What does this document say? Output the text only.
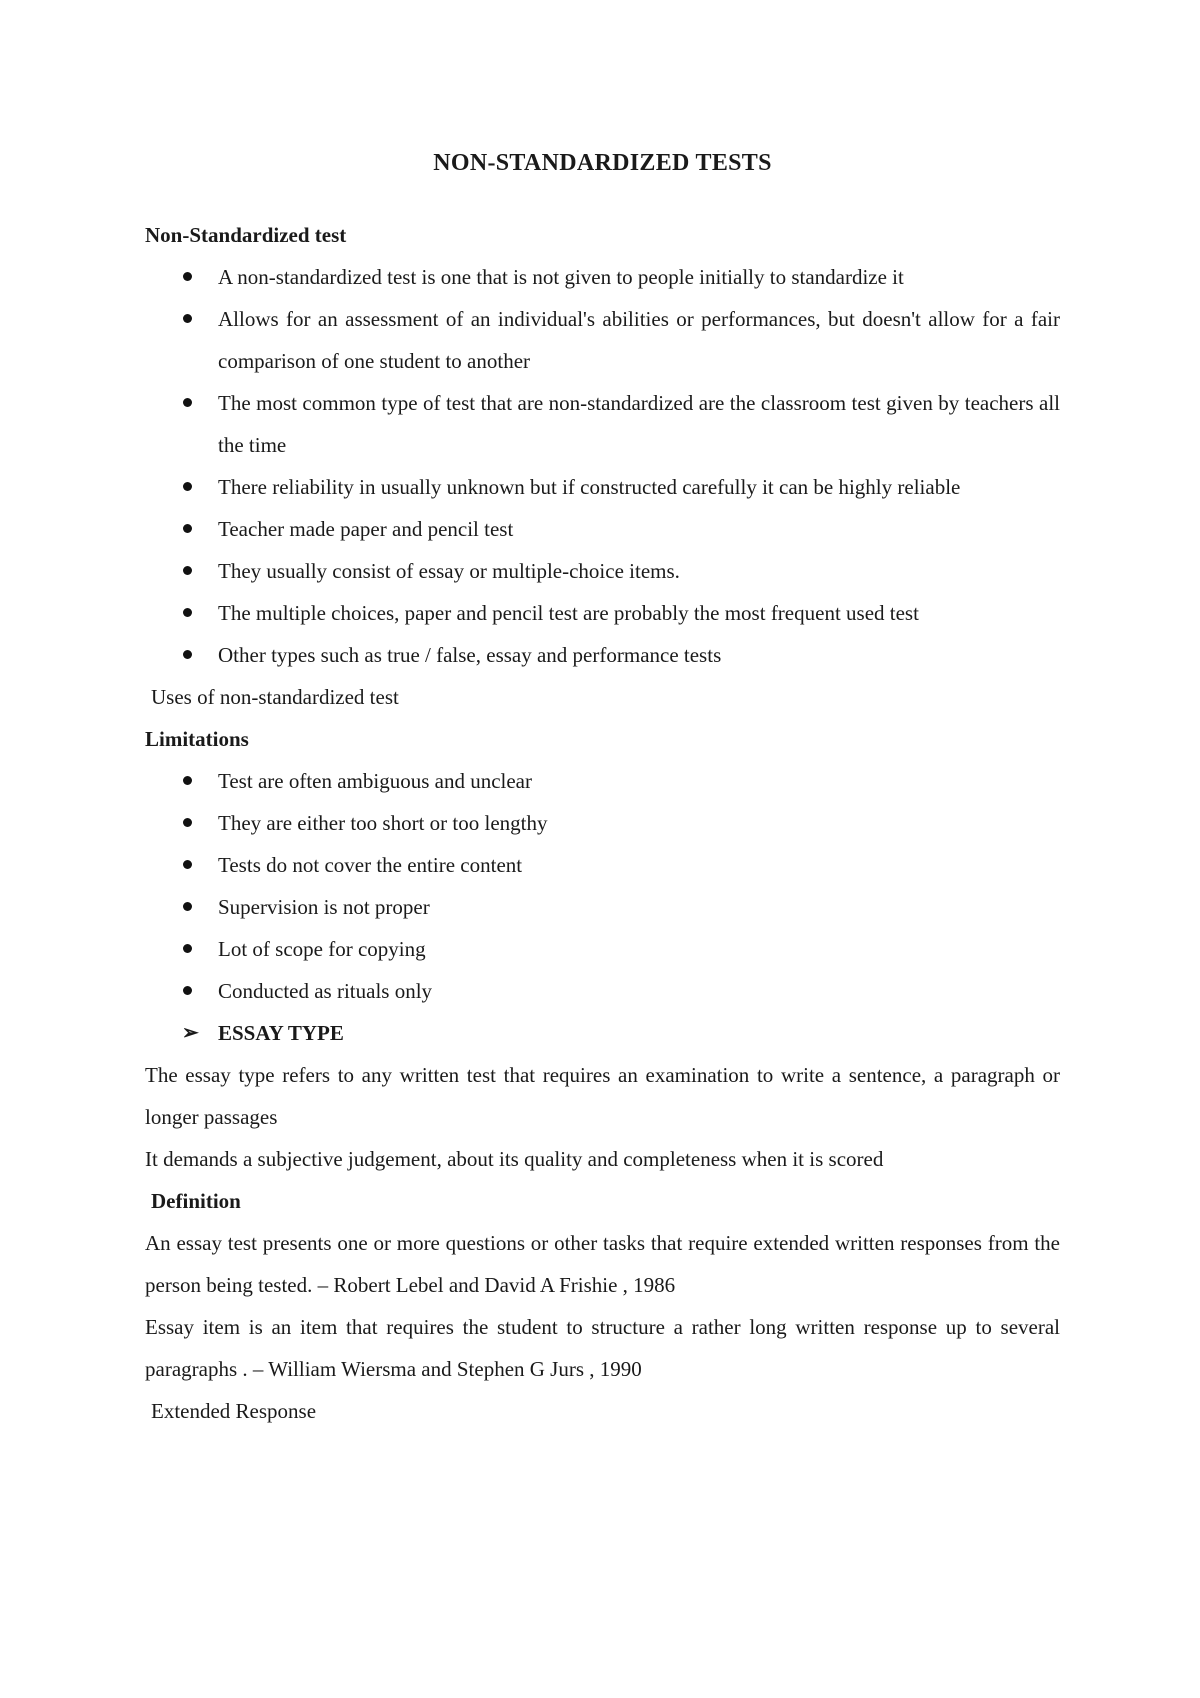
NON-STANDARDIZED TESTS

Non-Standardized test

A non-standardized test is one that is not given to people initially to standardize it
Allows for an assessment of an individual's abilities or performances, but doesn't allow for a fair comparison of one student to another
The most common type of test that are non-standardized are the classroom test given by teachers all the time
There reliability in usually unknown but if constructed carefully it can be highly reliable
Teacher made paper and pencil test
They usually consist of essay or multiple-choice items.
The multiple choices, paper and pencil test are probably the most frequent used test
Other types such as true / false, essay and performance tests

Uses of non-standardized test

Limitations

Test are often ambiguous and unclear
They are either too short or too lengthy
Tests do not cover the entire content
Supervision is not proper
Lot of scope for copying
Conducted as rituals only
➢ ESSAY TYPE

The essay type refers to any written test that requires an examination to write a sentence, a paragraph or longer passages

It demands a subjective judgement, about its quality and completeness when it is scored

Definition

An essay test presents one or more questions or other tasks that require extended written responses from the person being tested. – Robert Lebel and David A Frishie , 1986

Essay item is an item that requires the student to structure a rather long written response up to several paragraphs . – William Wiersma and Stephen G Jurs , 1990

Extended Response
